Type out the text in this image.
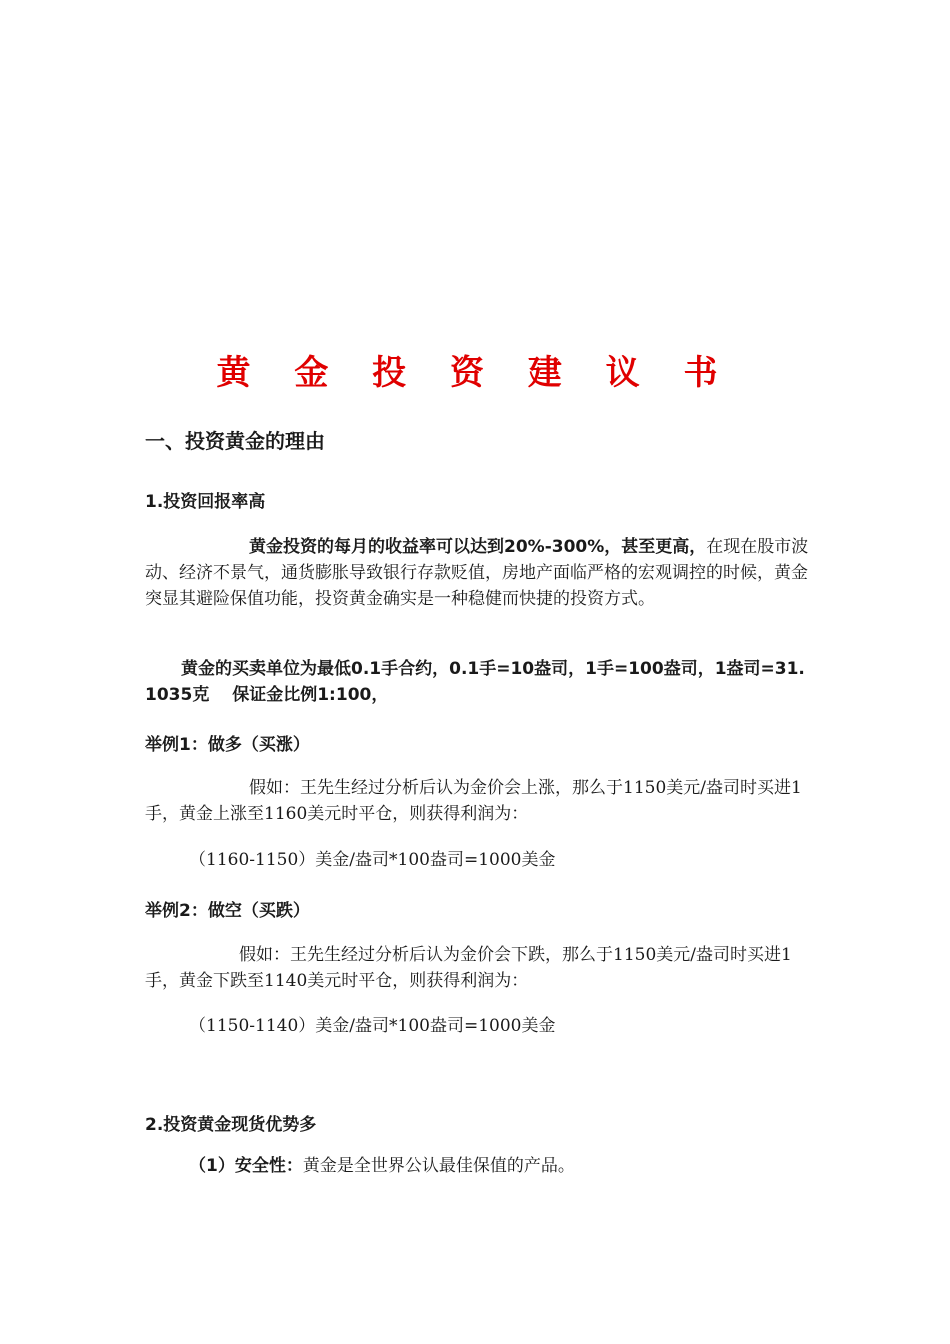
黄 金 投 资 建 议 书
一、投资黄金的理由
1.投资回报率高

黄金投资的每月的收益率可以达到20%-300%，甚至更高，在现在股市波动、经济不景气，通货膨胀导致银行存款贬值，房地产面临严格的宏观调控的时候，黄金突显其避险保值功能，投资黄金确实是一种稳健而快捷的投资方式。

黄金的买卖单位为最低0.1手合约，0.1手=10盎司，1手=100盎司，1盎司=31.1035克　 保证金比例1:100，

举例1：做多（买涨）

假如：王先生经过分析后认为金价会上涨，那么于1150美元/盎司时买进1手，黄金上涨至1160美元时平仓，则获得利润为：

（1160-1150）美金/盎司*100盎司=1000美金

举例2：做空（买跌）

假如：王先生经过分析后认为金价会下跌，那么于1150美元/盎司时买进1手，黄金下跌至1140美元时平仓，则获得利润为：

（1150-1140）美金/盎司*100盎司=1000美金

2.投资黄金现货优势多

（1）安全性：黄金是全世界公认最佳保值的产品。
